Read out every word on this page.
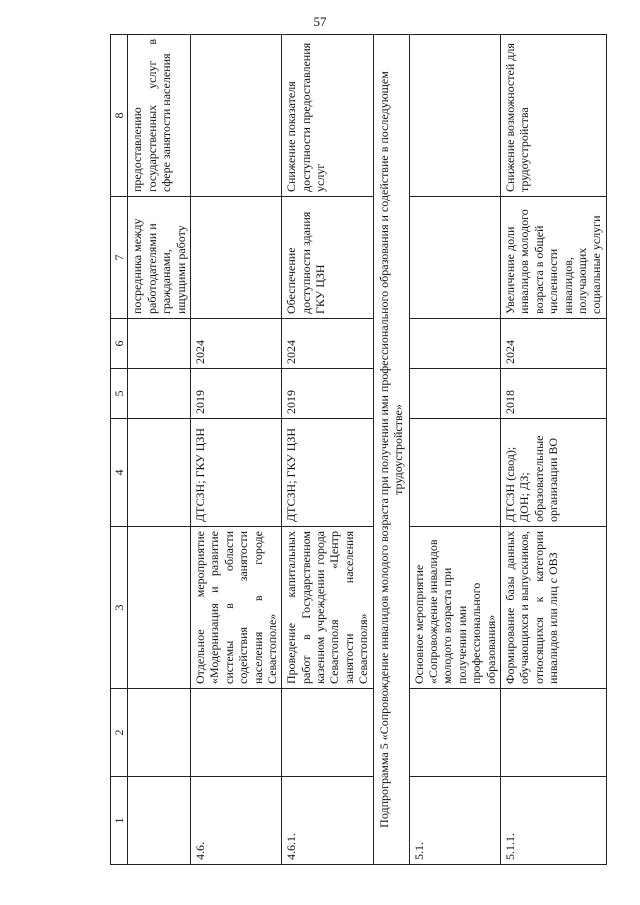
57
1	2	3	4	5	6	7	8
						посредника между работодателями и гражданами, ищущими работу	предоставлению государственных услуг в сфере занятости населения
4.6.		Отдельное мероприятие «Модернизация и развитие системы в области содействия занятости населения в городе Севастополе»	ДТСЗН; ГКУ ЦЗН	2019	2024		
4.6.1.		Проведение капитальных работ в Государственном казенном учреждении города Севастополя «Центр занятости населения Севастополя»	ДТСЗН; ГКУ ЦЗН	2019	2024	Обеспечение доступности здания ГКУ ЦЗН	Снижение показателя доступности предоставления услуг
Подпрограмма 5 «Сопровождение инвалидов молодого возраста при получении ими профессионального образования и содействие в последующем трудоустройстве»							
5.1.		Основное мероприятие «Сопровождение инвалидов молодого возраста при получении ими профессионального образования»					
5.1.1.		Формирование базы данных обучающихся и выпускников, относящихся к категории инвалидов или лиц с ОВЗ	ДТСЗН (свод); ДОН; ДЗ; образовательные организации ВО	2018	2024	Увеличение доли инвалидов молодого возраста в общей численности инвалидов, получающих социальные услуги	Снижение возможностей для трудоустройства
